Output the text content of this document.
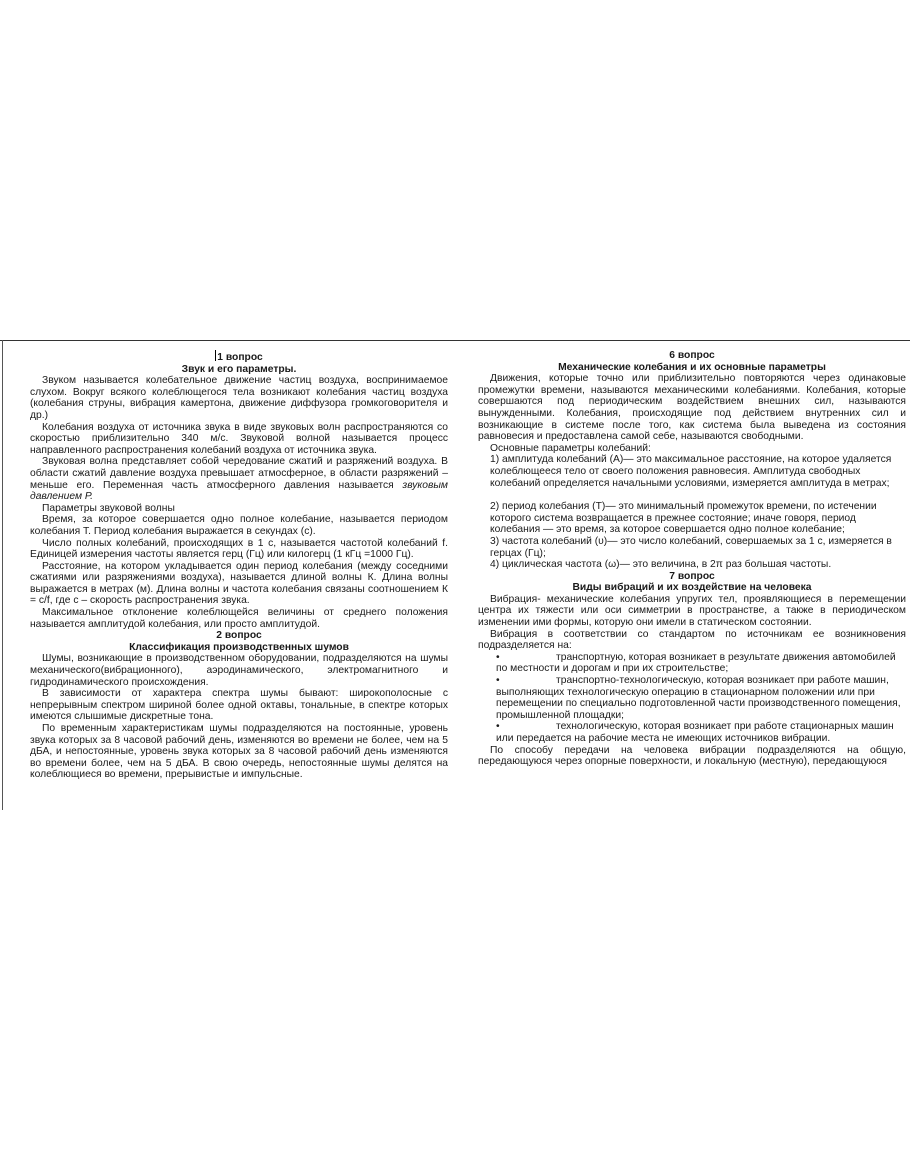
1 вопрос

Звук и его параметры.

Звуком называется колебательное движение частиц воздуха, воспринимаемое слухом. Вокруг всякого колеблющегося тела возникают колебания частиц воздуха (колебания струны, вибрация камертона, движение диффузора громкоговорителя и др.)

Колебания воздуха от источника звука в виде звуковых волн распространяются со скоростью приблизительно 340 м/с. Звуковой волной называется процесс направленного распространения колебаний воздуха от источника звука.

Звуковая волна представляет собой чередование сжатий и разряжений воздуха. В области сжатий давление воздуха превышает атмосферное, в области разряжений – меньше его. Переменная часть атмосферного давления называется звуковым давлением Р.

Параметры звуковой волны

Время, за которое совершается одно полное колебание, называется периодом колебания Т. Период колебания выражается в секундах (с).

Число полных колебаний, происходящих в 1 с, называется частотой колебаний f. Единицей измерения частоты является герц (Гц) или килогерц (1 кГц =1000 Гц).

Расстояние, на котором укладывается один период колебания (между соседними сжатиями или разряжениями воздуха), называется длиной волны К. Длина волны выражается в метрах (м). Длина волны и частота колебания связаны соотношением К = с/f, где с – скорость распространения звука.

Максимальное отклонение колеблющейся величины от среднего положения называется амплитудой колебания, или просто амплитудой.

2 вопрос

Классификация производственных шумов

Шумы, возникающие в производственном оборудовании, подразделяются на шумы механического(вибрационного), аэродинамического, электромагнитного и гидродинамического происхождения.

В зависимости от характера спектра шумы бывают: широкополосные с непрерывным спектром шириной более одной октавы, тональные, в спектре которых имеются слышимые дискретные тона.

По временным характеристикам шумы подразделяются на постоянные, уровень звука которых за 8 часовой рабочий день, изменяются во времени не более, чем на 5 дБА, и непостоянные, уровень звука которых за 8 часовой рабочий день изменяются во времени более, чем на 5 дБА. В свою очередь, непостоянные шумы делятся на колеблющиеся во времени, прерывистые и импульсные.

6 вопрос

Механические колебания и их основные параметры

Движения, которые точно или приблизительно повторяются через одинаковые промежутки времени, называются механическими колебаниями. Колебания, которые совершаются под периодическим воздействием внешних сил, называются вынужденными. Колебания, происходящие под действием внутренних сил и возникающие в системе после того, как система была выведена из состояния равновесия и предоставлена самой себе, называются свободными.

Основные параметры колебаний:

1) амплитуда колебаний (А)— это максимальное расстояние, на которое удаляется колеблющееся тело от своего положения равновесия. Амплитуда свободных колебаний определяется начальными условиями, измеряется амплитуда в метрах;

2) период колебания (Т)— это минимальный промежуток времени, по истечении которого система возвращается в прежнее состояние; иначе говоря, период колебания — это время, за которое совершается одно полное колебание;

3) частота колебаний (υ)— это число колебаний, совершаемых за 1 с, измеряется в герцах (Гц);

4) циклическая частота (ω)— это величина, в 2π раз большая частоты.

7 вопрос

Виды вибраций и их воздействие на человека

Вибрация- механические колебания упругих тел, проявляющиеся в перемещении центра их тяжести или оси симметрии в пространстве, а также в периодическом изменении ими формы, которую они имели в статическом состоянии.

Вибрация в соответствии со стандартом по источникам ее возникновения подразделяется на:

•	транспортную, которая возникает в результате движения автомобилей по местности и дорогам и при их строительстве;

•	транспортно-технологическую, которая возникает при работе машин, выполняющих технологическую операцию в стационарном положении или при перемещении по специально подготовленной части производственного помещения, промышленной площадки;

•	технологическую, которая возникает при работе стационарных машин или передается на рабочие места не имеющих источников вибрации.

По способу передачи на человека вибрации подразделяются на общую, передающуюся через опорные поверхности, и локальную (местную), передающуюся
